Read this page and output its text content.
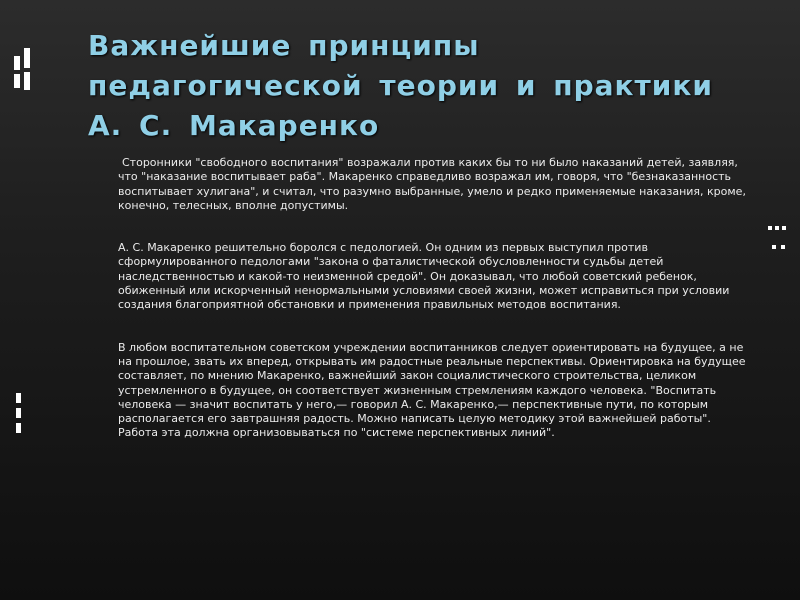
Важнейшие принципы
педагогической теории и практики
А. С. Макаренко

Сторонники "свободного воспитания" возражали против каких бы то ни было наказаний детей, заявляя, что "наказание воспитывает раба". Макаренко справедливо возражал им, говоря, что "безнаказанность воспитывает хулигана", и считал, что разумно выбранные, умело и редко применяемые наказания, кроме, конечно, телесных, вполне допустимы.

А. С. Макаренко решительно боролся с педологией. Он одним из первых выступил против сформулированного педологами "закона о фаталистической обусловленности судьбы детей наследственностью и какой-то неизменной средой". Он доказывал, что любой советский ребенок, обиженный или искорченный ненормальными условиями своей жизни, может исправиться при условии создания благоприятной обстановки и применения правильных методов воспитания.

В любом воспитательном советском учреждении воспитанников следует ориентировать на будущее, а не на прошлое, звать их вперед, открывать им радостные реальные перспективы. Ориентировка на будущее составляет, по мнению Макаренко, важнейший закон социалистического строительства, целиком устремленного в будущее, он соответствует жизненным стремлениям каждого человека. "Воспитать человека — значит воспитать у него,— говорил А. С. Макаренко,— перспективные пути, по которым располагается его завтрашняя радость. Можно написать целую методику этой важнейшей работы". Работа эта должна организовываться по "системе перспективных линий".
